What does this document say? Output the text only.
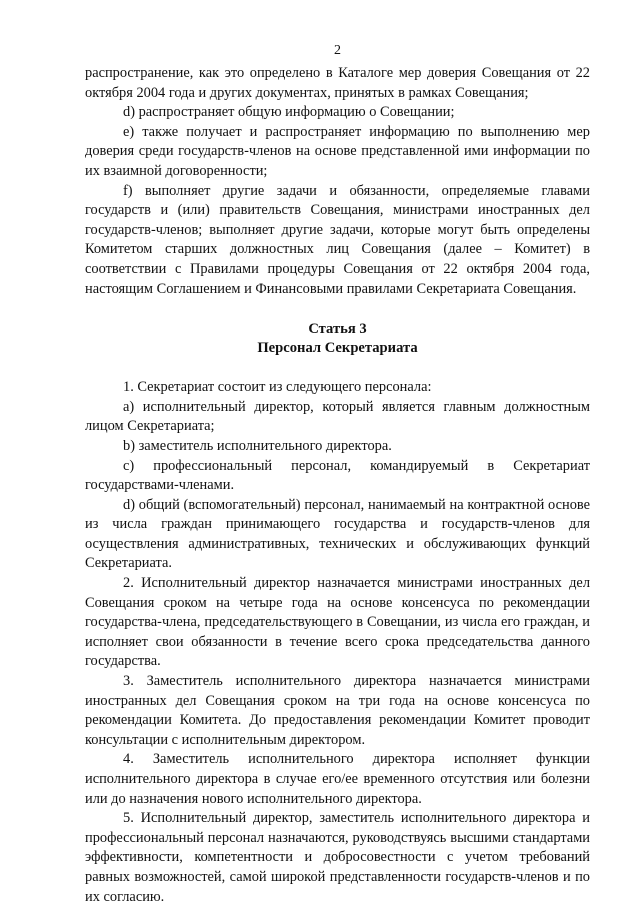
2

распространение, как это определено в Каталоге мер доверия Совещания от 22 октября 2004 года и других документах, принятых в рамках Совещания;

d) распространяет общую информацию о Совещании;

e) также получает и распространяет информацию по выполнению мер доверия среди государств-членов на основе представленной ими информации по их взаимной договоренности;

f) выполняет другие задачи и обязанности, определяемые главами государств и (или) правительств Совещания, министрами иностранных дел государств-членов; выполняет другие задачи, которые могут быть определены Комитетом старших должностных лиц Совещания (далее – Комитет) в соответствии с Правилами процедуры Совещания от 22 октября 2004 года, настоящим Соглашением и Финансовыми правилами Секретариата Совещания.

Статья 3
Персонал Секретариата

1. Секретариат состоит из следующего персонала:

a) исполнительный директор, который является главным должностным лицом Секретариата;

b) заместитель исполнительного директора.

c) профессиональный персонал, командируемый в Секретариат государствами-членами.

d) общий (вспомогательный) персонал, нанимаемый на контрактной основе из числа граждан принимающего государства и государств-членов для осуществления административных, технических и обслуживающих функций Секретариата.

2. Исполнительный директор назначается министрами иностранных дел Совещания сроком на четыре года на основе консенсуса по рекомендации государства-члена, председательствующего в Совещании, из числа его граждан, и исполняет свои обязанности в течение всего срока председательства данного государства.

3. Заместитель исполнительного директора назначается министрами иностранных дел Совещания сроком на три года на основе консенсуса по рекомендации Комитета. До предоставления рекомендации Комитет проводит консультации с исполнительным директором.

4. Заместитель исполнительного директора исполняет функции исполнительного директора в случае его/ее временного отсутствия или болезни или до назначения нового исполнительного директора.

5. Исполнительный директор, заместитель исполнительного директора и профессиональный персонал назначаются, руководствуясь высшими стандартами эффективности, компетентности и добросовестности с учетом требований равных возможностей, самой широкой представленности государств-членов и по их согласию.
